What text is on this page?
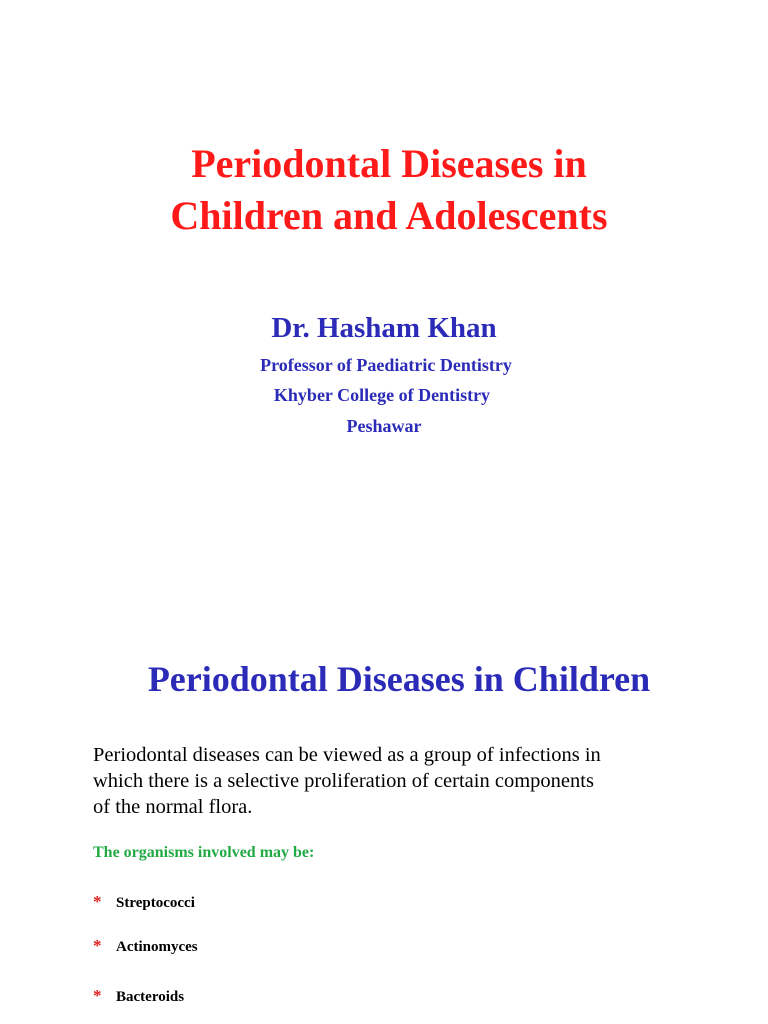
Periodontal Diseases in
Children and Adolescents
Dr. Hasham Khan
Professor of Paediatric Dentistry
Khyber College of Dentistry
Peshawar
Periodontal Diseases in Children
Periodontal diseases can be viewed as a group of infections in
which there is a selective proliferation of certain components
of the normal flora.
The organisms involved may be:
* Streptococci
* Actinomyces
* Bacteroids
